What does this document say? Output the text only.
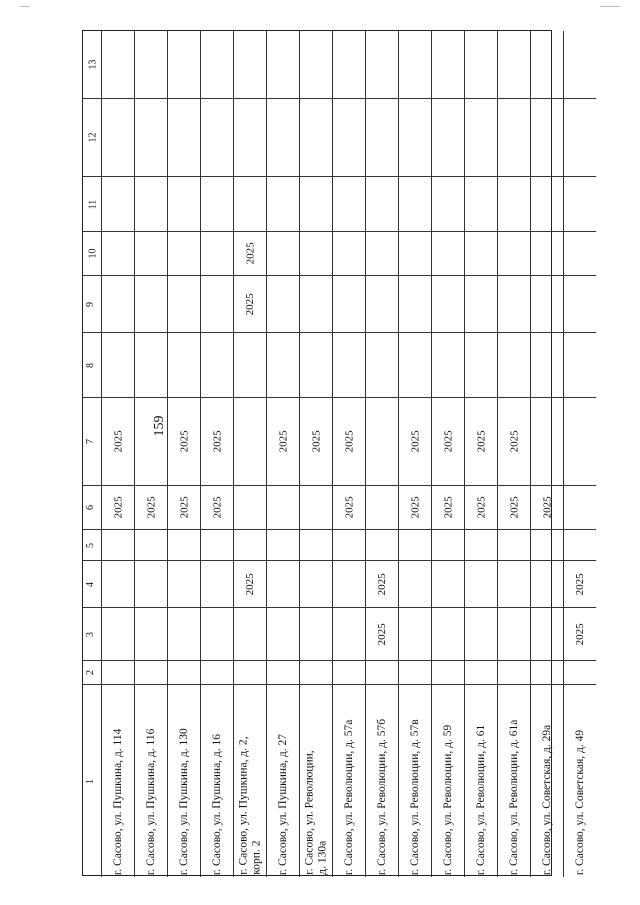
159
13
12
11
10
9
8
7
6
5
4
3
2
1
2025
2025
г. Сасово, ул. Пушкина, д. 114
2025
г. Сасово, ул. Пушкина, д. 116
2025
2025
г. Сасово, ул. Пушкина, д. 130
2025
2025
г. Сасово, ул. Пушкина, д. 16
2025
2025
2025
г. Сасово, ул. Пушкина, д. 2,
корп. 2
2025
г. Сасово, ул. Пушкина, д. 27
2025
г. Сасово, ул. Революции,
д. 130а
2025
2025
г. Сасово, ул. Революции, д. 57а
2025
2025
г. Сасово, ул. Революции, д. 57б
2025
2025
г. Сасово, ул. Революции, д. 57в
2025
2025
г. Сасово, ул. Революции, д. 59
2025
2025
г. Сасово, ул. Революции, д. 61
2025
2025
г. Сасово, ул. Революции, д. 61а
2025
г. Сасово, ул. Советская, д. 29а
2025
2025
г. Сасово, ул. Советская, д. 49
